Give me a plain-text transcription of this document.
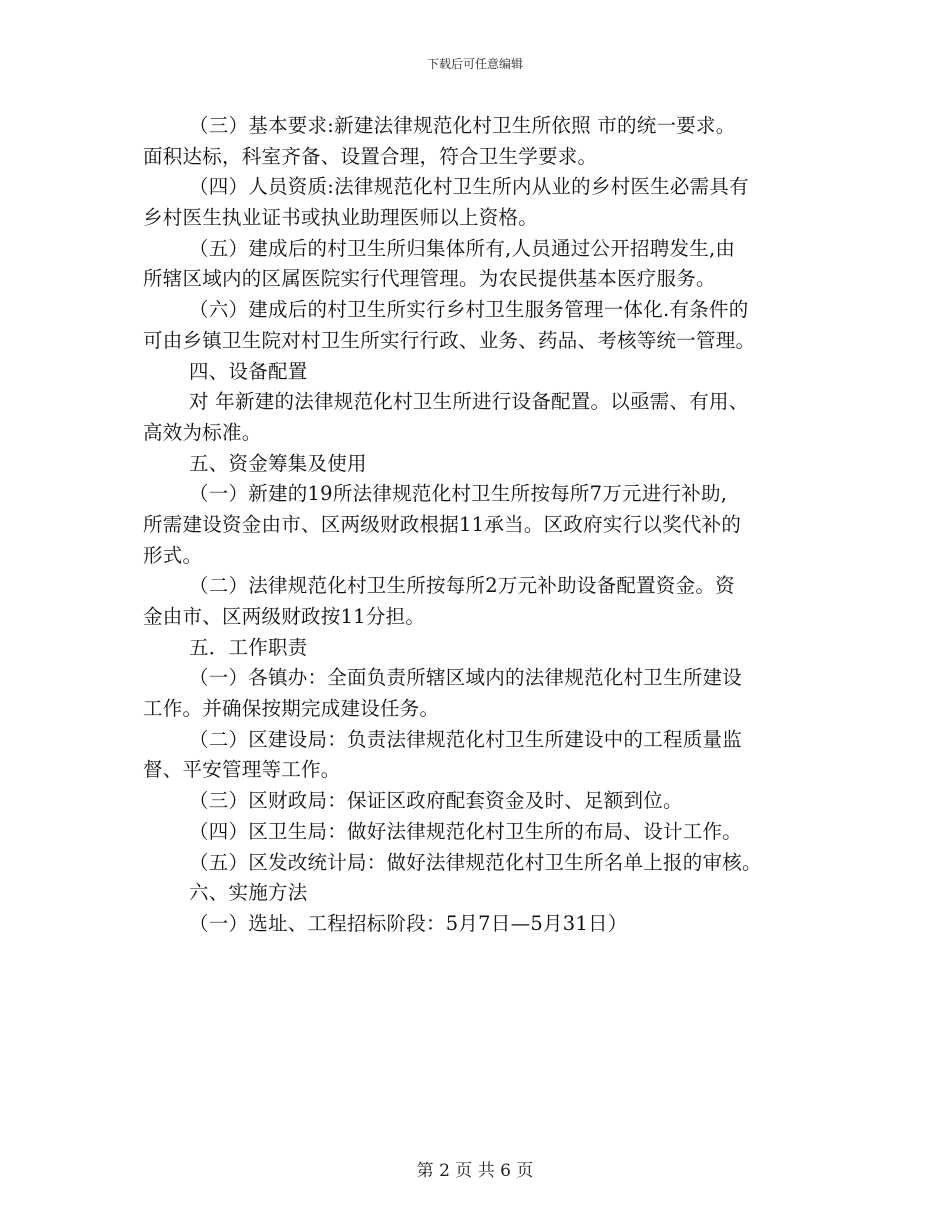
下载后可任意编辑
（三）基本要求:新建法律规范化村卫生所依照 市的统一要求。
面积达标，科室齐备、设置合理，符合卫生学要求。
（四）人员资质:法律规范化村卫生所内从业的乡村医生必需具有
乡村医生执业证书或执业助理医师以上资格。
（五）建成后的村卫生所归集体所有,人员通过公开招聘发生,由
所辖区域内的区属医院实行代理管理。为农民提供基本医疗服务。
（六）建成后的村卫生所实行乡村卫生服务管理一体化.有条件的
可由乡镇卫生院对村卫生所实行行政、业务、药品、考核等统一管理。
四、设备配置
对 年新建的法律规范化村卫生所进行设备配置。以亟需、有用、
高效为标准。
五、资金筹集及使用
（一）新建的19所法律规范化村卫生所按每所7万元进行补助,
所需建设资金由市、区两级财政根据11承当。区政府实行以奖代补的
形式。
（二）法律规范化村卫生所按每所2万元补助设备配置资金。资
金由市、区两级财政按11分担。
五．工作职责
（一）各镇办：全面负责所辖区域内的法律规范化村卫生所建设
工作。并确保按期完成建设任务。
（二）区建设局：负责法律规范化村卫生所建设中的工程质量监
督、平安管理等工作。
（三）区财政局：保证区政府配套资金及时、足额到位。
（四）区卫生局：做好法律规范化村卫生所的布局、设计工作。
（五）区发改统计局：做好法律规范化村卫生所名单上报的审核。
六、实施方法
（一）选址、工程招标阶段：5月7日—5月31日）
第 2 页 共 6 页
